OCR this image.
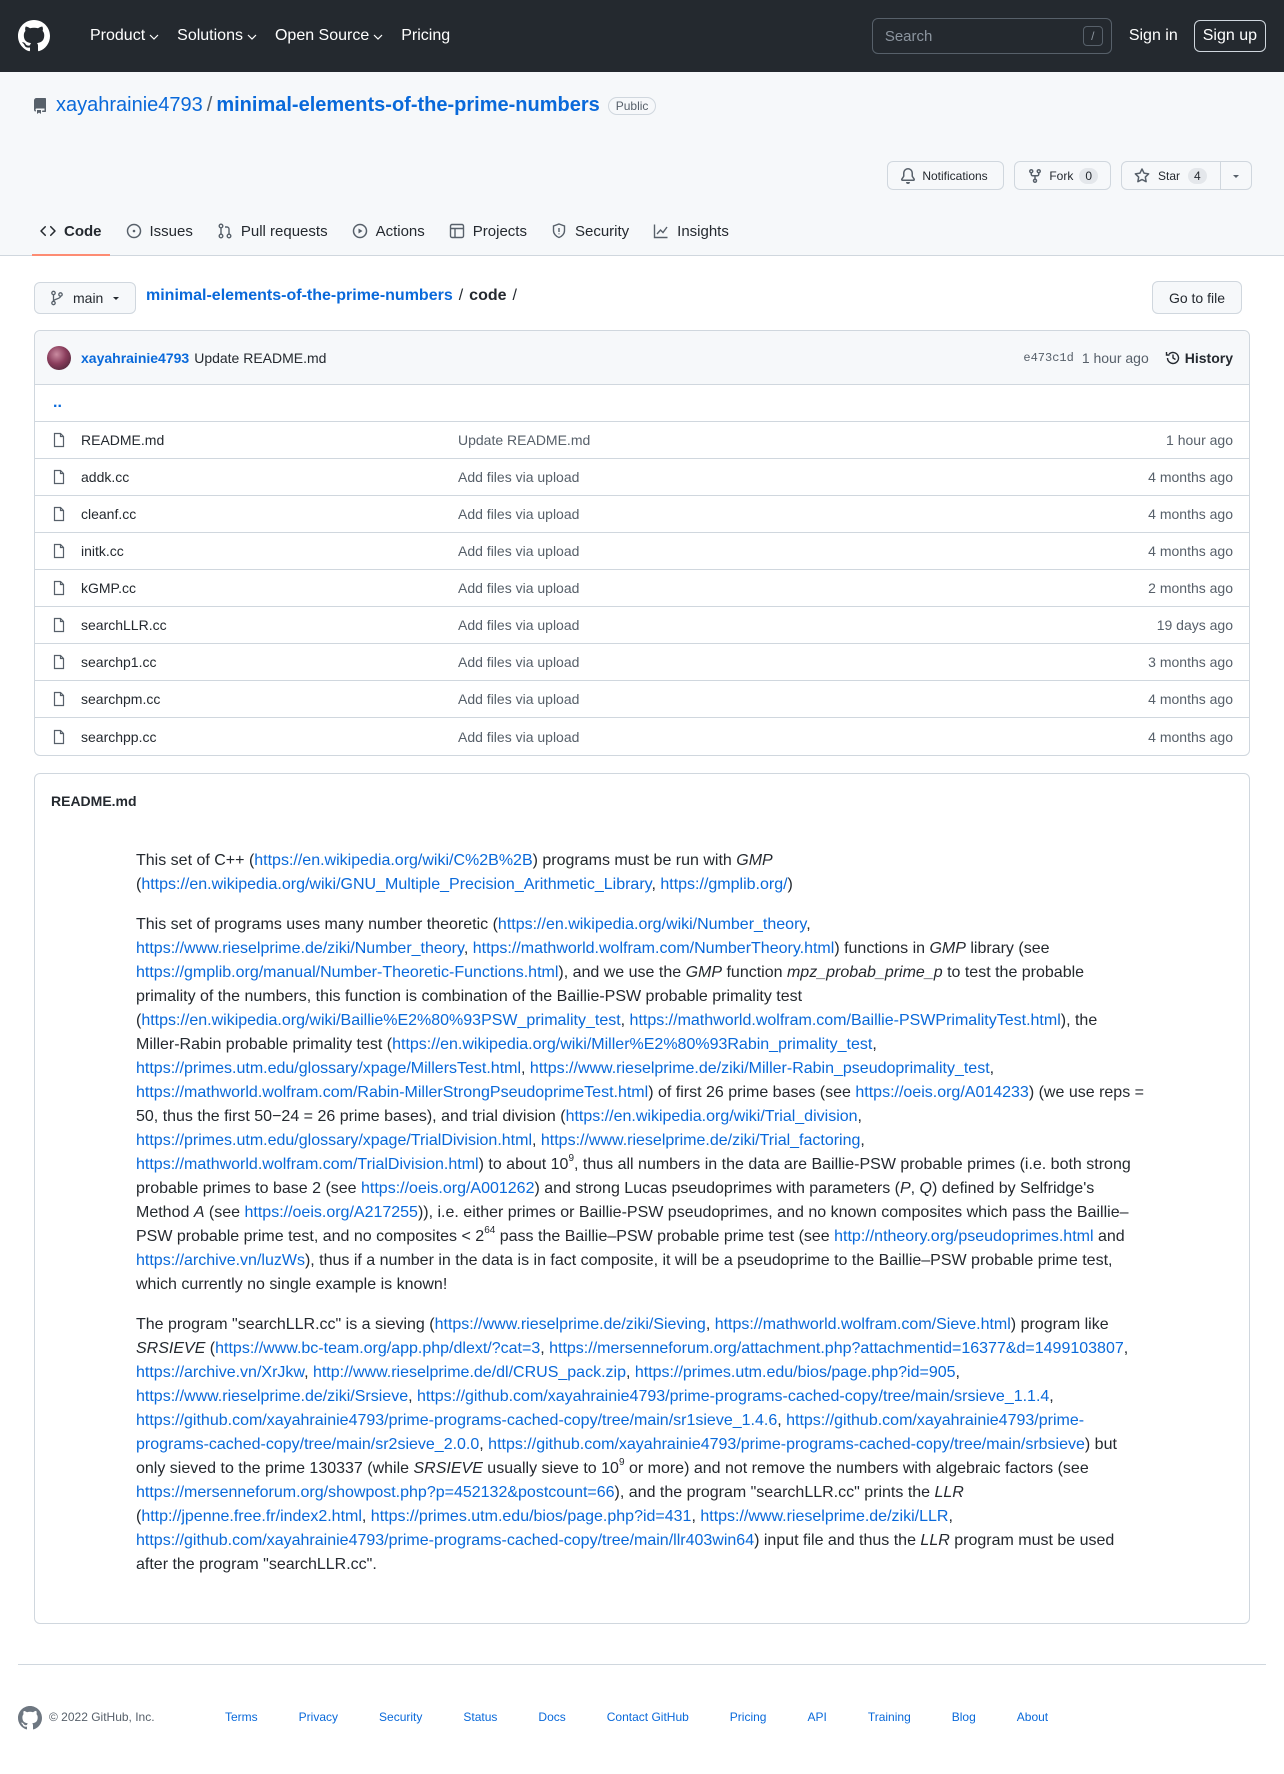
Product Solutions Open Source Pricing	Search	/	Sign in	Sign up
xayahrainie4793 / minimal-elements-of-the-prime-numbers	Public
Notifications	Fork	0	Star	4
Code	Issues	Pull requests	Actions	Projects	Security	Insights
main	minimal-elements-of-the-prime-numbers / code /	Go to file
xayahrainie4793 Update README.md	e473c1d 1 hour ago	History
..
README.md	Update README.md	1 hour ago
addk.cc	Add files via upload	4 months ago
cleanf.cc	Add files via upload	4 months ago
initk.cc	Add files via upload	4 months ago
kGMP.cc	Add files via upload	2 months ago
searchLLR.cc	Add files via upload	19 days ago
searchp1.cc	Add files via upload	3 months ago
searchpm.cc	Add files via upload	4 months ago
searchpp.cc	Add files via upload	4 months ago
README.md

This set of C++ (https://en.wikipedia.org/wiki/C%2B%2B) programs must be run with GMP (https://en.wikipedia.org/wiki/GNU_Multiple_Precision_Arithmetic_Library, https://gmplib.org/)

This set of programs uses many number theoretic (https://en.wikipedia.org/wiki/Number_theory, https://www.rieselprime.de/ziki/Number_theory, https://mathworld.wolfram.com/NumberTheory.html) functions in GMP library (see https://gmplib.org/manual/Number-Theoretic-Functions.html), and we use the GMP function mpz_probab_prime_p to test the probable primality of the numbers, this function is combination of the Baillie-PSW probable primality test (https://en.wikipedia.org/wiki/Baillie%E2%80%93PSW_primality_test, https://mathworld.wolfram.com/Baillie-PSWPrimalityTest.html), the Miller-Rabin probable primality test (https://en.wikipedia.org/wiki/Miller%E2%80%93Rabin_primality_test, https://primes.utm.edu/glossary/xpage/MillersTest.html, https://www.rieselprime.de/ziki/Miller-Rabin_pseudoprimality_test, https://mathworld.wolfram.com/Rabin-MillerStrongPseudoprimeTest.html) of first 26 prime bases (see https://oeis.org/A014233) (we use reps = 50, thus the first 50−24 = 26 prime bases), and trial division (https://en.wikipedia.org/wiki/Trial_division, https://primes.utm.edu/glossary/xpage/TrialDivision.html, https://www.rieselprime.de/ziki/Trial_factoring, https://mathworld.wolfram.com/TrialDivision.html) to about $10^9$, thus all numbers in the data are Baillie-PSW probable primes (i.e. both strong probable primes to base 2 (see https://oeis.org/A001262) and strong Lucas pseudoprimes with parameters (P, Q) defined by Selfridge's Method A (see https://oeis.org/A217255)), i.e. either primes or Baillie-PSW pseudoprimes, and no known composites which pass the Baillie–PSW probable prime test, and no composites < $2^{64}$ pass the Baillie–PSW probable prime test (see http://ntheory.org/pseudoprimes.html and https://archive.vn/luzWs), thus if a number in the data is in fact composite, it will be a pseudoprime to the Baillie–PSW probable prime test, which currently no single example is known!

The program "searchLLR.cc" is a sieving (https://www.rieselprime.de/ziki/Sieving, https://mathworld.wolfram.com/Sieve.html) program like SRSIEVE (https://www.bc-team.org/app.php/dlext/?cat=3, https://mersenneforum.org/attachment.php?attachmentid=16377&d=1499103807, https://archive.vn/XrJkw, http://www.rieselprime.de/dl/CRUS_pack.zip, https://primes.utm.edu/bios/page.php?id=905, https://www.rieselprime.de/ziki/Srsieve, https://github.com/xayahrainie4793/prime-programs-cached-copy/tree/main/srsieve_1.1.4, https://github.com/xayahrainie4793/prime-programs-cached-copy/tree/main/sr1sieve_1.4.6, https://github.com/xayahrainie4793/prime-programs-cached-copy/tree/main/sr2sieve_2.0.0, https://github.com/xayahrainie4793/prime-programs-cached-copy/tree/main/srbsieve) but only sieved to the prime 130337 (while SRSIEVE usually sieve to $10^9$ or more) and not remove the numbers with algebraic factors (see https://mersenneforum.org/showpost.php?p=452132&postcount=66), and the program "searchLLR.cc" prints the LLR (http://jpenne.free.fr/index2.html, https://primes.utm.edu/bios/page.php?id=431, https://www.rieselprime.de/ziki/LLR, https://github.com/xayahrainie4793/prime-programs-cached-copy/tree/main/llr403win64) input file and thus the LLR program must be used after the program "searchLLR.cc".

© 2022 GitHub, Inc.	Terms	Privacy	Security	Status	Docs	Contact GitHub	Pricing	API	Training	Blog	About
